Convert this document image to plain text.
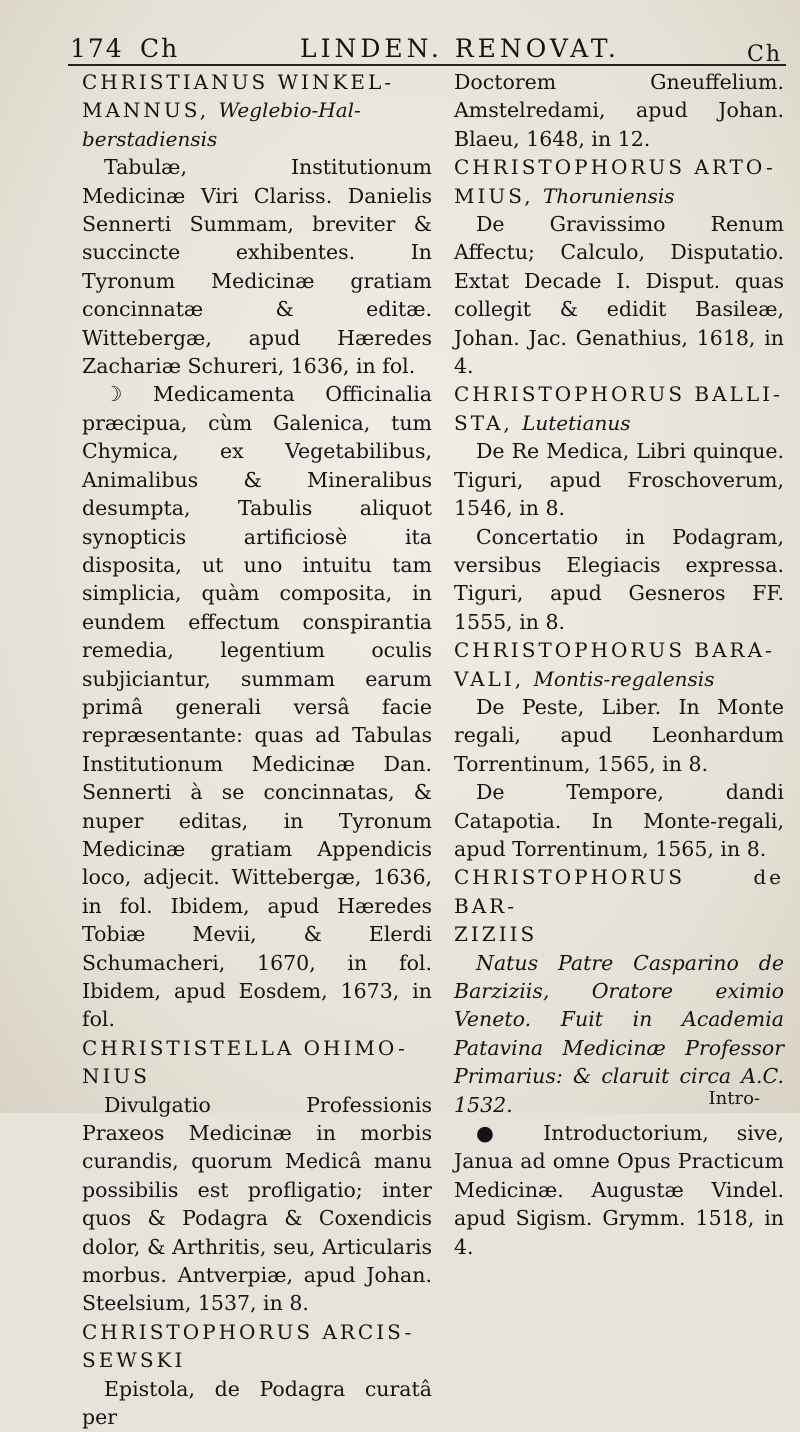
174 Ch	LINDEN. RENOVAT.	Ch

CHRISTIANUS WINKEL-

MANNUS, Weglebio-Hal-

berstadiensis

Tabulæ, Institutionum Medicinæ Viri Clariss. Danielis Sennerti Summam, breviter & succincte exhibentes. In Tyronum Medicinæ gratiam concinnatæ & editæ. Wittebergæ, apud Hæredes Zachariæ Schureri, 1636, in fol.

☽ Medicamenta Officinalia præcipua, cùm Galenica, tum Chymica, ex Vegetabilibus, Animalibus & Mineralibus desumpta, Tabulis aliquot synopticis artificiosè ita dispositа, ut uno intuitu tam simplicia, quàm composita, in eundem effectum conspirantia remedia, legentium oculis subjiciantur, summam earum primâ generali versâ facie repræsentante: quas ad Tabulas Institutionum Medicinæ Dan. Sennerti à se concinnatas, & nuper editas, in Tyronum Medicinæ gratiam Appendicis loco, adjecit. Wittebergæ, 1636, in fol. Ibidem, apud Hæredes Tobiæ Mevii, & Elerdi Schumacheri, 1670, in fol. Ibidem, apud Eosdem, 1673, in fol.

CHRISTISTELLA OHIMO-

NIUS

Divulgatio Professionis Praxeos Medicinæ in morbis curandis, quorum Medicâ manu possibilis est profligatio; inter quos & Podagra & Coxendicis dolor, & Arthritis, seu, Articularis morbus. Antverpiæ, apud Johan. Steelsium, 1537, in 8.

CHRISTOPHORUS ARCIS-

SEWSKI

Epistola, de Podagra curatâ per

Doctorem Gneuffelium. Amstelredami, apud Johan. Blaeu, 1648, in 12.

CHRISTOPHORUS ARTO-

MIUS, Thoruniensis

De Gravissimo Renum Affectu; Calculo, Disputatio. Extat Decade I. Disput. quas collegit & edidit Basileæ, Johan. Jac. Genathius, 1618, in 4.

CHRISTOPHORUS BALLI-

STA, Lutetianus

De Re Medica, Libri quinque. Tiguri, apud Froschoverum, 1546, in 8.

Concertatio in Podagram, versibus Elegiacis expressa. Tiguri, apud Gesneros FF. 1555, in 8.

CHRISTOPHORUS BARA-

VALI, Montis-regalensis

De Peste, Liber. In Monte regali, apud Leonhardum Torrentinum, 1565, in 8.

De Tempore, dandi Catapotia. In Monte-regali, apud Torrentinum, 1565, in 8.

CHRISTOPHORUS de BAR-

ZIZIIS

Natus Patre Casparino de Barziziis, Oratore eximio Veneto. Fuit in Academia Patavina Medicinæ Professor Primarius: & claruit circa A.C. 1532.

● Introductorium, sive, Janua ad omne Opus Practicum Medicinæ. Augustæ Vindel. apud Sigism. Grymm. 1518, in 4.

Intro-
